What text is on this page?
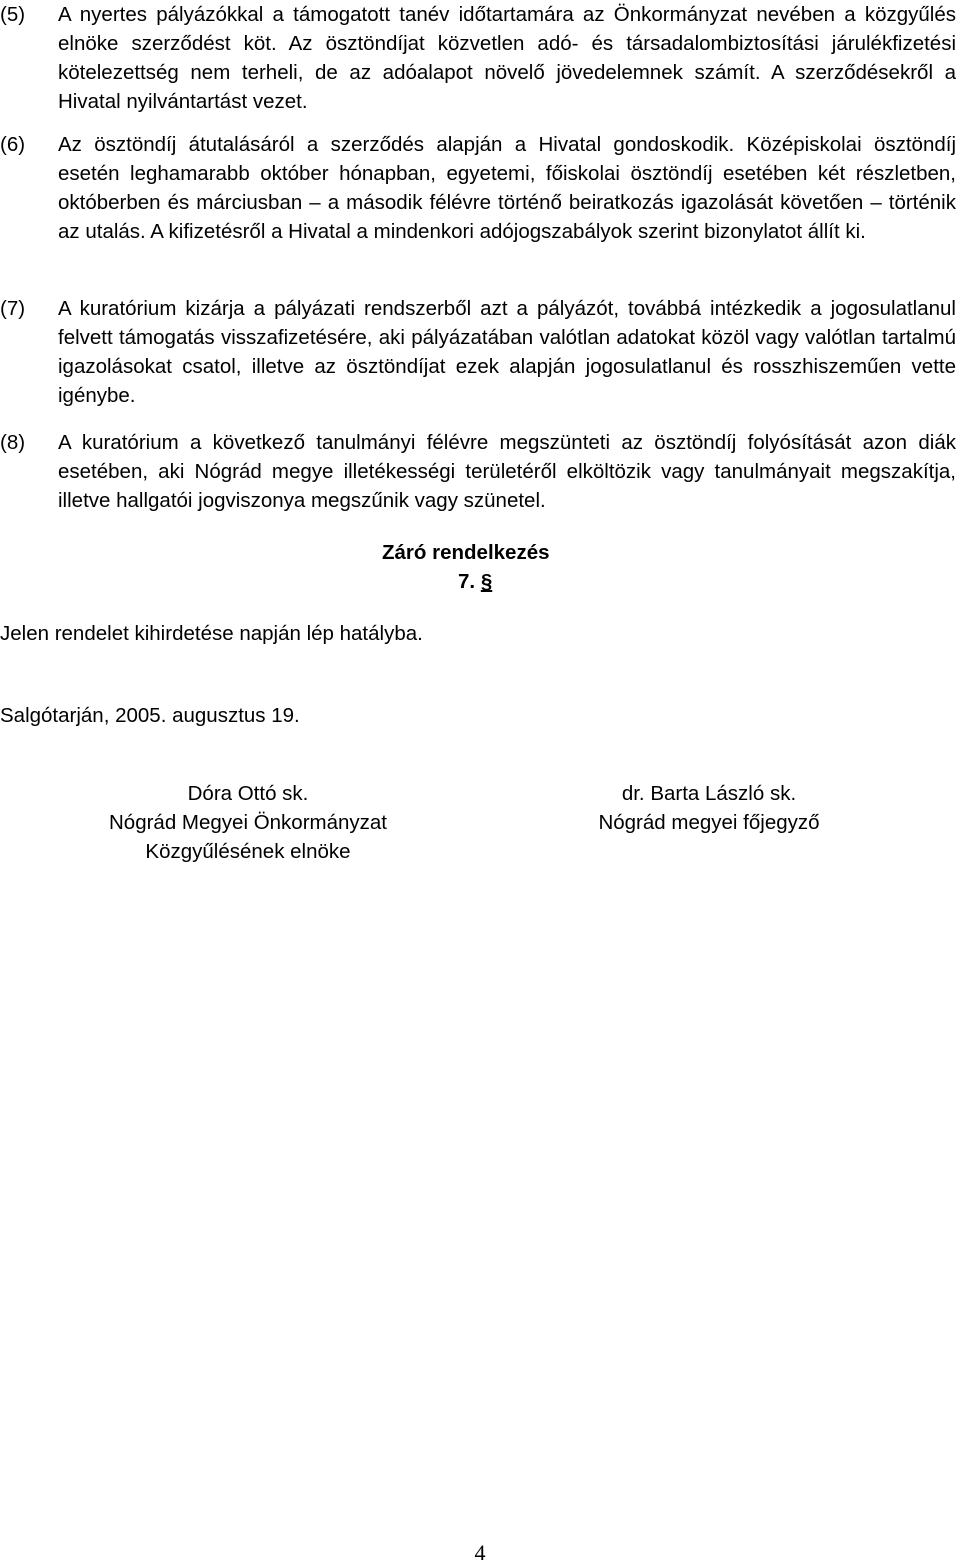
(5) A nyertes pályázókkal a támogatott tanév időtartamára az Önkormányzat nevében a közgyűlés elnöke szerződést köt. Az ösztöndíjat közvetlen adó- és társadalombiztosítási járulékfizetési kötelezettség nem terheli, de az adóalapot növelő jövedelemnek számít. A szerződésekről a Hivatal nyilvántartást vezet.
(6) Az ösztöndíj átutalásáról a szerződés alapján a Hivatal gondoskodik. Középiskolai ösztöndíj esetén leghamarabb október hónapban, egyetemi, főiskolai ösztöndíj esetében két részletben, októberben és márciusban – a második félévre történő beiratkozás igazolását követően – történik az utalás. A kifizetésről a Hivatal a mindenkori adójogszabályok szerint bizonylatot állít ki.
(7) A kuratórium kizárja a pályázati rendszerből azt a pályázót, továbbá intézkedik a jogosulatlanul felvett támogatás visszafizetésére, aki pályázatában valótlan adatokat közöl vagy valótlan tartalmú igazolásokat csatol, illetve az ösztöndíjat ezek alapján jogosulatlanul és rosszhiszeműen vette igénybe.
(8) A kuratórium a következő tanulmányi félévre megszünteti az ösztöndíj folyósítását azon diák esetében, aki Nógrád megye illetékességi területéről elköltözik vagy tanulmányait megszakítja, illetve hallgatói jogviszonya megszűnik vagy szünetel.
Záró rendelkezés
7. §
Jelen rendelet kihirdetése napján lép hatályba.
Salgótarján, 2005. augusztus 19.
Dóra Ottó sk.
Nógrád Megyei Önkormányzat
Közgyűlésének elnöke
dr. Barta László sk.
Nógrád megyei főjegyző
4
